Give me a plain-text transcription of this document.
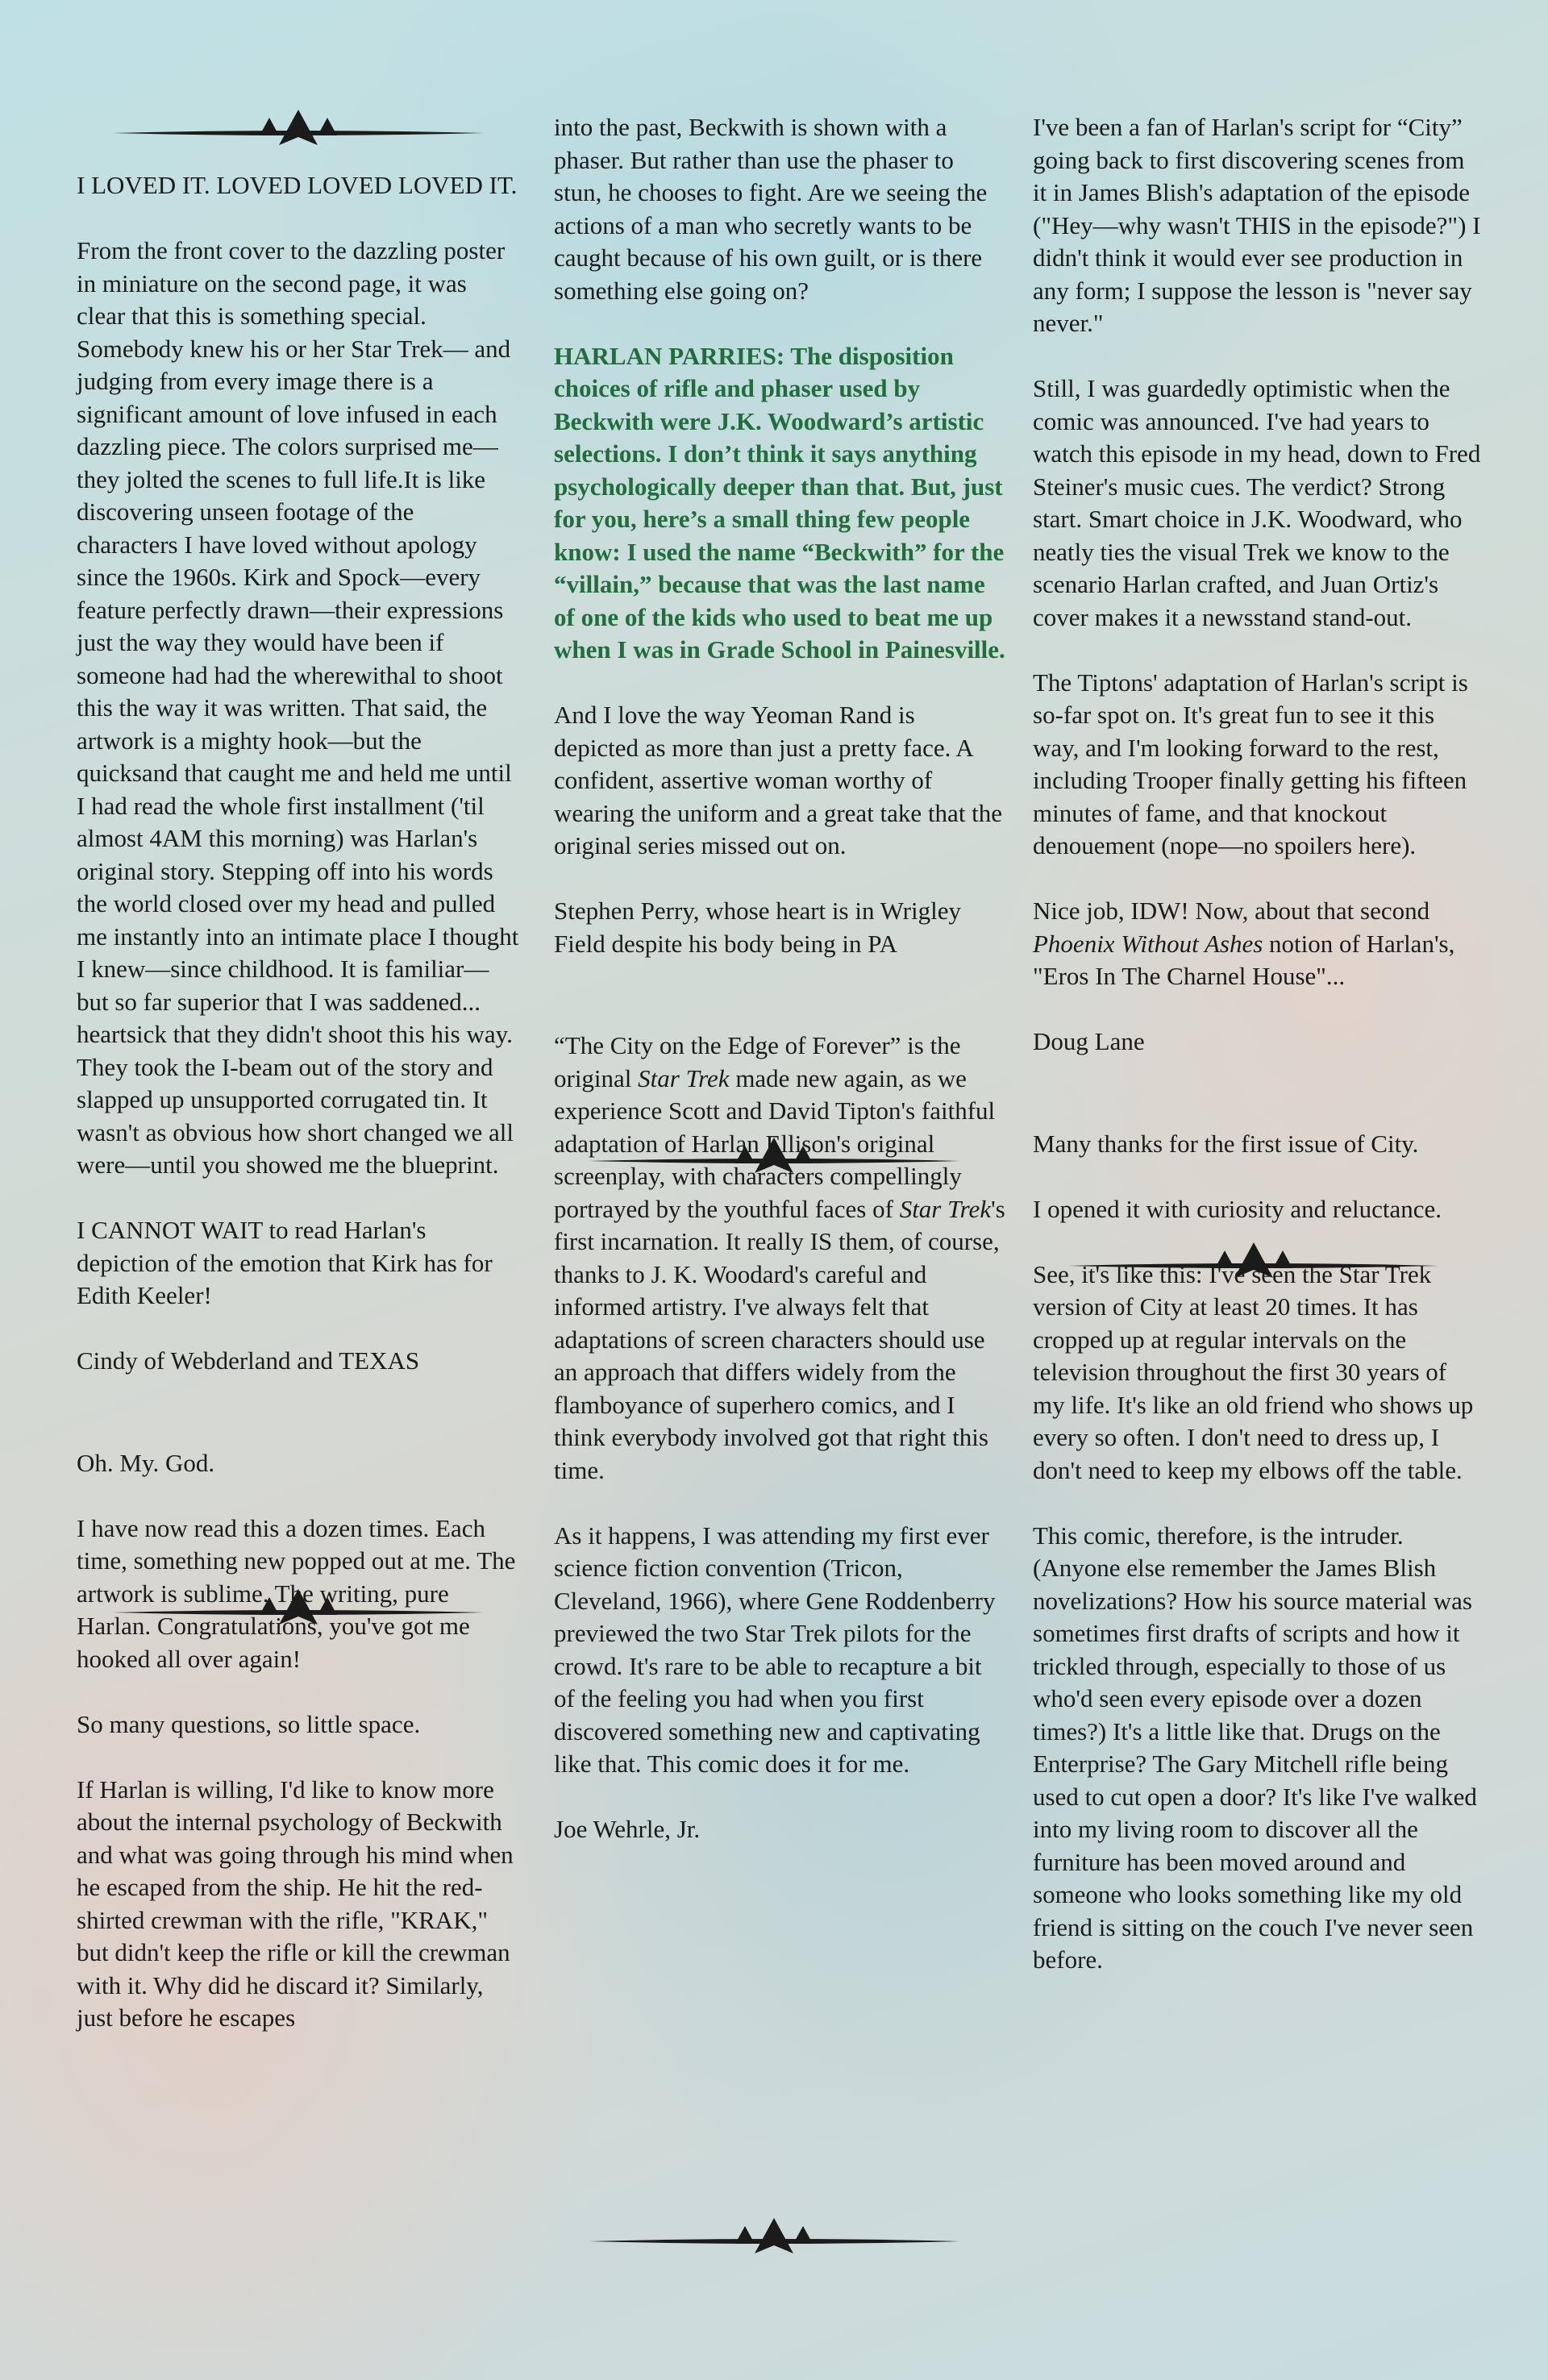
I LOVED IT. LOVED LOVED LOVED IT.

From the front cover to the dazzling poster in miniature on the second page, it was clear that this is something special. Somebody knew his or her Star Trek— and judging from every image there is a significant amount of love infused in each dazzling piece. The colors surprised me—they jolted the scenes to full life.It is like discovering unseen footage of the characters I have loved without apology since the 1960s. Kirk and Spock—every feature perfectly drawn—their expressions just the way they would have been if someone had had the wherewithal to shoot this the way it was written. That said, the artwork is a mighty hook—but the quicksand that caught me and held me until I had read the whole first installment ('til almost 4AM this morning) was Harlan's original story. Stepping off into his words the world closed over my head and pulled me instantly into an intimate place I thought I knew—since childhood. It is familiar—but so far superior that I was saddened... heartsick that they didn't shoot this his way. They took the I-beam out of the story and slapped up unsupported corrugated tin. It wasn't as obvious how short changed we all were—until you showed me the blueprint.

I CANNOT WAIT to read Harlan's depiction of the emotion that Kirk has for Edith Keeler!

Cindy of Webderland and TEXAS

Oh. My. God.

I have now read this a dozen times. Each time, something new popped out at me. The artwork is sublime. The writing, pure Harlan. Congratulations, you've got me hooked all over again!

So many questions, so little space.

If Harlan is willing, I'd like to know more about the internal psychology of Beckwith and what was going through his mind when he escaped from the ship. He hit the red-shirted crewman with the rifle, "KRAK," but didn't keep the rifle or kill the crewman with it. Why did he discard it? Similarly, just before he escapes

into the past, Beckwith is shown with a phaser. But rather than use the phaser to stun, he chooses to fight. Are we seeing the actions of a man who secretly wants to be caught because of his own guilt, or is there something else going on?

HARLAN PARRIES: The disposition choices of rifle and phaser used by Beckwith were J.K. Woodward’s artistic selections. I don’t think it says anything psychologically deeper than that. But, just for you, here’s a small thing few people know: I used the name “Beckwith” for the “villain,” because that was the last name of one of the kids who used to beat me up when I was in Grade School in Painesville.

And I love the way Yeoman Rand is depicted as more than just a pretty face. A confident, assertive woman worthy of wearing the uniform and a great take that the original series missed out on.

Stephen Perry, whose heart is in Wrigley Field despite his body being in PA

“The City on the Edge of Forever” is the original Star Trek made new again, as we experience Scott and David Tipton's faithful adaptation of Harlan Ellison's original screenplay, with characters compellingly portrayed by the youthful faces of Star Trek's first incarnation. It really IS them, of course, thanks to J. K. Woodard's careful and informed artistry. I've always felt that adaptations of screen characters should use an approach that differs widely from the flamboyance of superhero comics, and I think everybody involved got that right this time.

As it happens, I was attending my first ever science fiction convention (Tricon, Cleveland, 1966), where Gene Roddenberry previewed the two Star Trek pilots for the crowd. It's rare to be able to recapture a bit of the feeling you had when you first discovered something new and captivating like that. This comic does it for me.

Joe Wehrle, Jr.

I've been a fan of Harlan's script for “City” going back to first discovering scenes from it in James Blish's adaptation of the episode ("Hey—why wasn't THIS in the episode?") I didn't think it would ever see production in any form; I suppose the lesson is "never say never."

Still, I was guardedly optimistic when the comic was announced. I've had years to watch this episode in my head, down to Fred Steiner's music cues. The verdict? Strong start. Smart choice in J.K. Woodward, who neatly ties the visual Trek we know to the scenario Harlan crafted, and Juan Ortiz's cover makes it a newsstand stand-out.

The Tiptons' adaptation of Harlan's script is so-far spot on. It's great fun to see it this way, and I'm looking forward to the rest, including Trooper finally getting his fifteen minutes of fame, and that knockout denouement (nope—no spoilers here).

Nice job, IDW! Now, about that second Phoenix Without Ashes notion of Harlan's, "Eros In The Charnel House"...

Doug Lane

Many thanks for the first issue of City.

I opened it with curiosity and reluctance.

See, it's like this: I've seen the Star Trek version of City at least 20 times. It has cropped up at regular intervals on the television throughout the first 30 years of my life. It's like an old friend who shows up every so often. I don't need to dress up, I don't need to keep my elbows off the table.

This comic, therefore, is the intruder. (Anyone else remember the James Blish novelizations? How his source material was sometimes first drafts of scripts and how it trickled through, especially to those of us who'd seen every episode over a dozen times?) It's a little like that. Drugs on the Enterprise? The Gary Mitchell rifle being used to cut open a door? It's like I've walked into my living room to discover all the furniture has been moved around and someone who looks something like my old friend is sitting on the couch I've never seen before.
